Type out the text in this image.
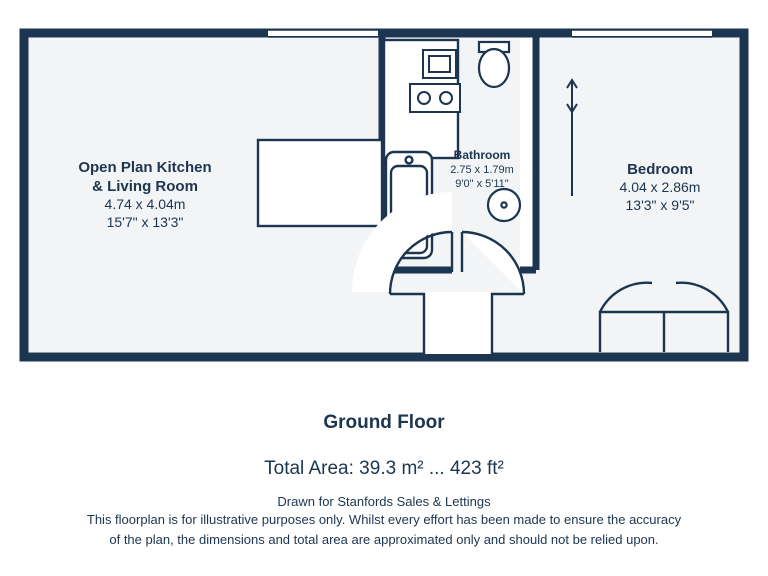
Open Plan Kitchen
& Living Room
4.74 x 4.04m
15'7" x 13'3"
Bathroom
2.75 x 1.79m
9'0" x 5'11"
Bedroom
4.04 x 2.86m
13'3" x 9'5"
Ground Floor
Total Area: 39.3 m² ... 423 ft²
Drawn for Stanfords Sales & Lettings
This floorplan is for illustrative purposes only. Whilst every effort has been made to ensure the accuracy
of the plan, the dimensions and total area are approximated only and should not be relied upon.
